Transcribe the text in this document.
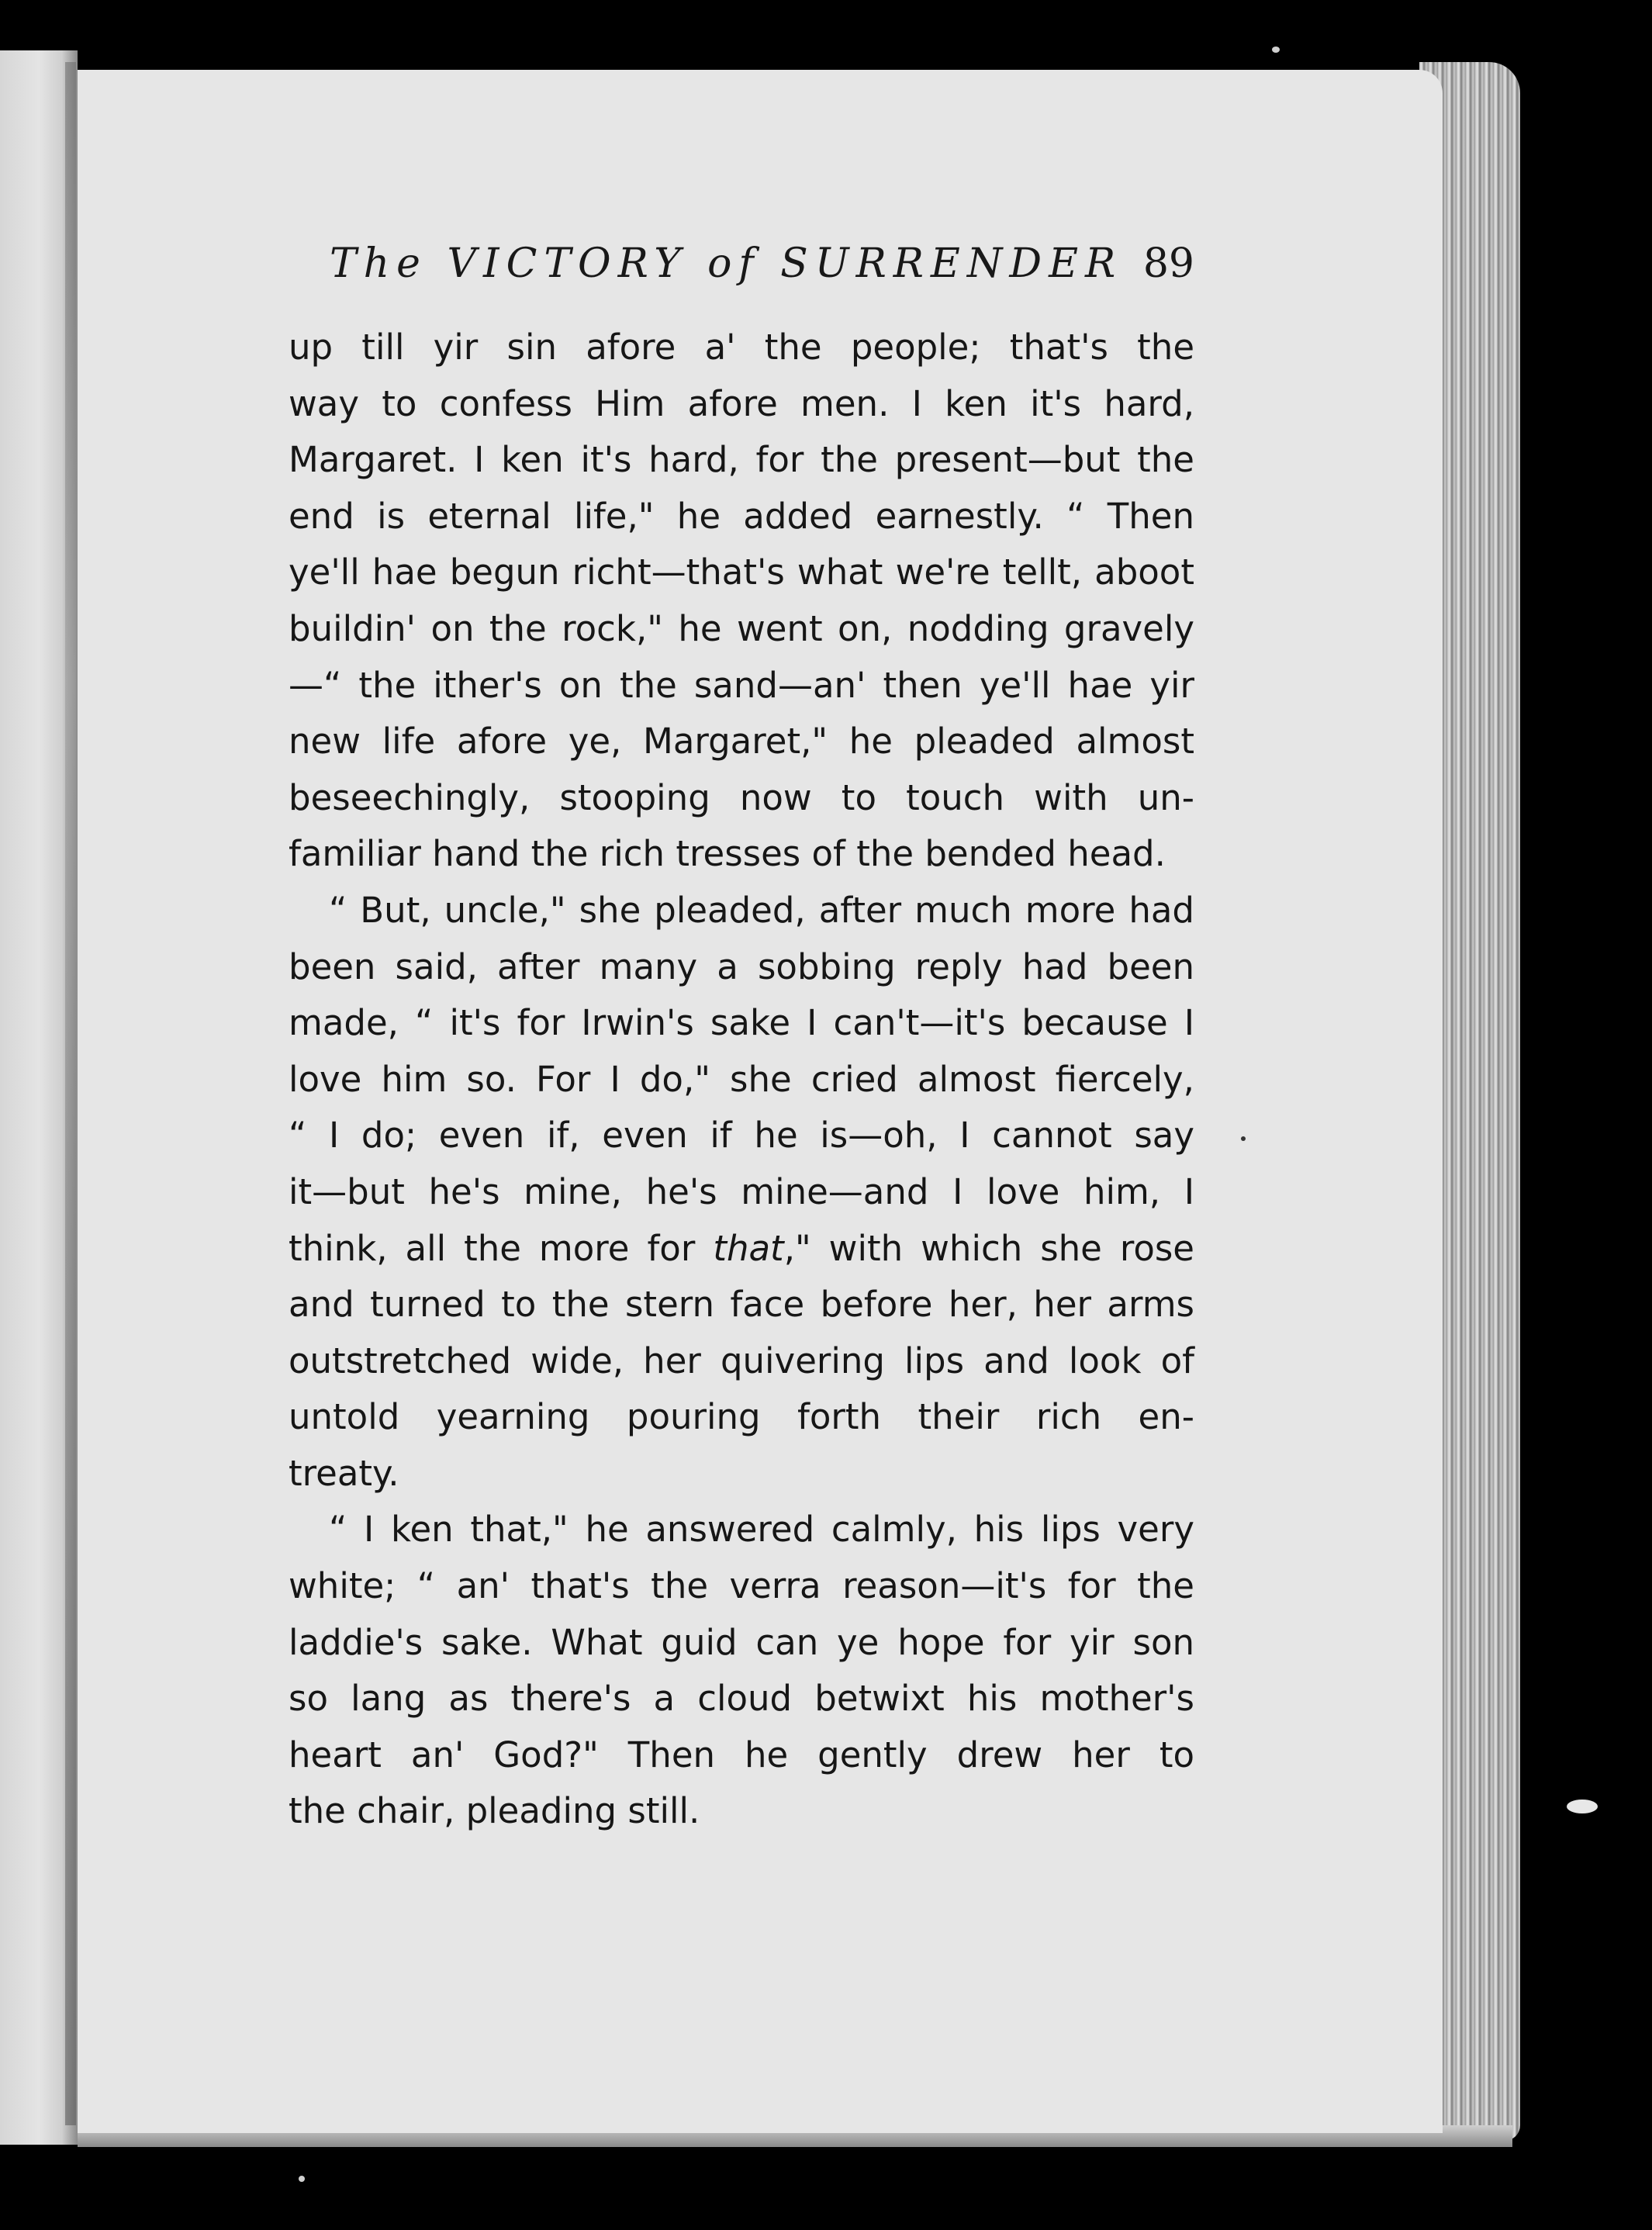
The VICTORY of SURRENDER 89
up till yir sin afore a' the people; that's the
way to confess Him afore men. I ken it's hard,
Margaret. I ken it's hard, for the present—but the
end is eternal life," he added earnestly. “ Then
ye'll hae begun richt—that's what we're tellt, aboot
buildin' on the rock," he went on, nodding gravely
—“ the ither's on the sand—an' then ye'll hae yir
new life afore ye, Margaret," he pleaded almost
beseechingly, stooping now to touch with un-
familiar hand the rich tresses of the bended head.
“ But, uncle," she pleaded, after much more had
been said, after many a sobbing reply had been
made, “ it's for Irwin's sake I can't—it's because I
love him so. For I do," she cried almost fiercely,
“ I do; even if, even if he is—oh, I cannot say
it—but he's mine, he's mine—and I love him, I
think, all the more for that," with which she rose
and turned to the stern face before her, her arms
outstretched wide, her quivering lips and look of
untold yearning pouring forth their rich en-
treaty.
“ I ken that," he answered calmly, his lips very
white; “ an' that's the verra reason—it's for the
laddie's sake. What guid can ye hope for yir son
so lang as there's a cloud betwixt his mother's
heart an' God?" Then he gently drew her to
the chair, pleading still.
